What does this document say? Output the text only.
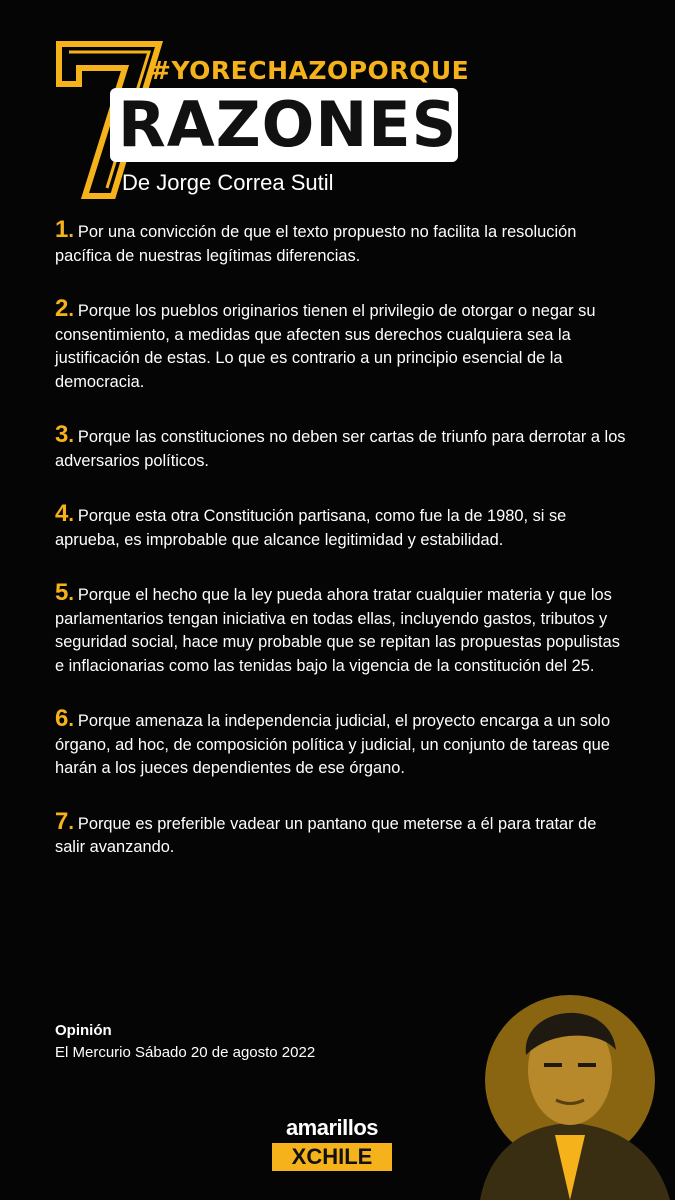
#YORECHAZOPORQUE
RAZONES
De Jorge Correa Sutil
1. Por una convicción de que el texto propuesto no facilita la resolución pacífica de nuestras legítimas diferencias.
2. Porque los pueblos originarios tienen el privilegio de otorgar o negar su consentimiento, a medidas que afecten sus derechos cualquiera sea la justificación de estas. Lo que es contrario a un principio esencial de la democracia.
3. Porque las constituciones no deben ser cartas de triunfo para derrotar a los adversarios políticos.
4. Porque esta otra Constitución partisana, como fue la de 1980, si se aprueba, es improbable que alcance legitimidad y estabilidad.
5. Porque el hecho que la ley pueda ahora tratar cualquier materia y que los parlamentarios tengan iniciativa en todas ellas, incluyendo gastos, tributos y seguridad social, hace muy probable que se repitan las propuestas populistas e inflacionarias como las tenidas bajo la vigencia de la constitución del 25.
6. Porque amenaza la independencia judicial, el proyecto encarga a un solo órgano, ad hoc, de composición política y judicial, un conjunto de tareas que harán a los jueces dependientes de ese órgano.
7. Porque es preferible vadear un pantano que meterse a él para tratar de salir avanzando.
Opinión
El Mercurio Sábado 20 de agosto 2022
amarillos
XCHILE
